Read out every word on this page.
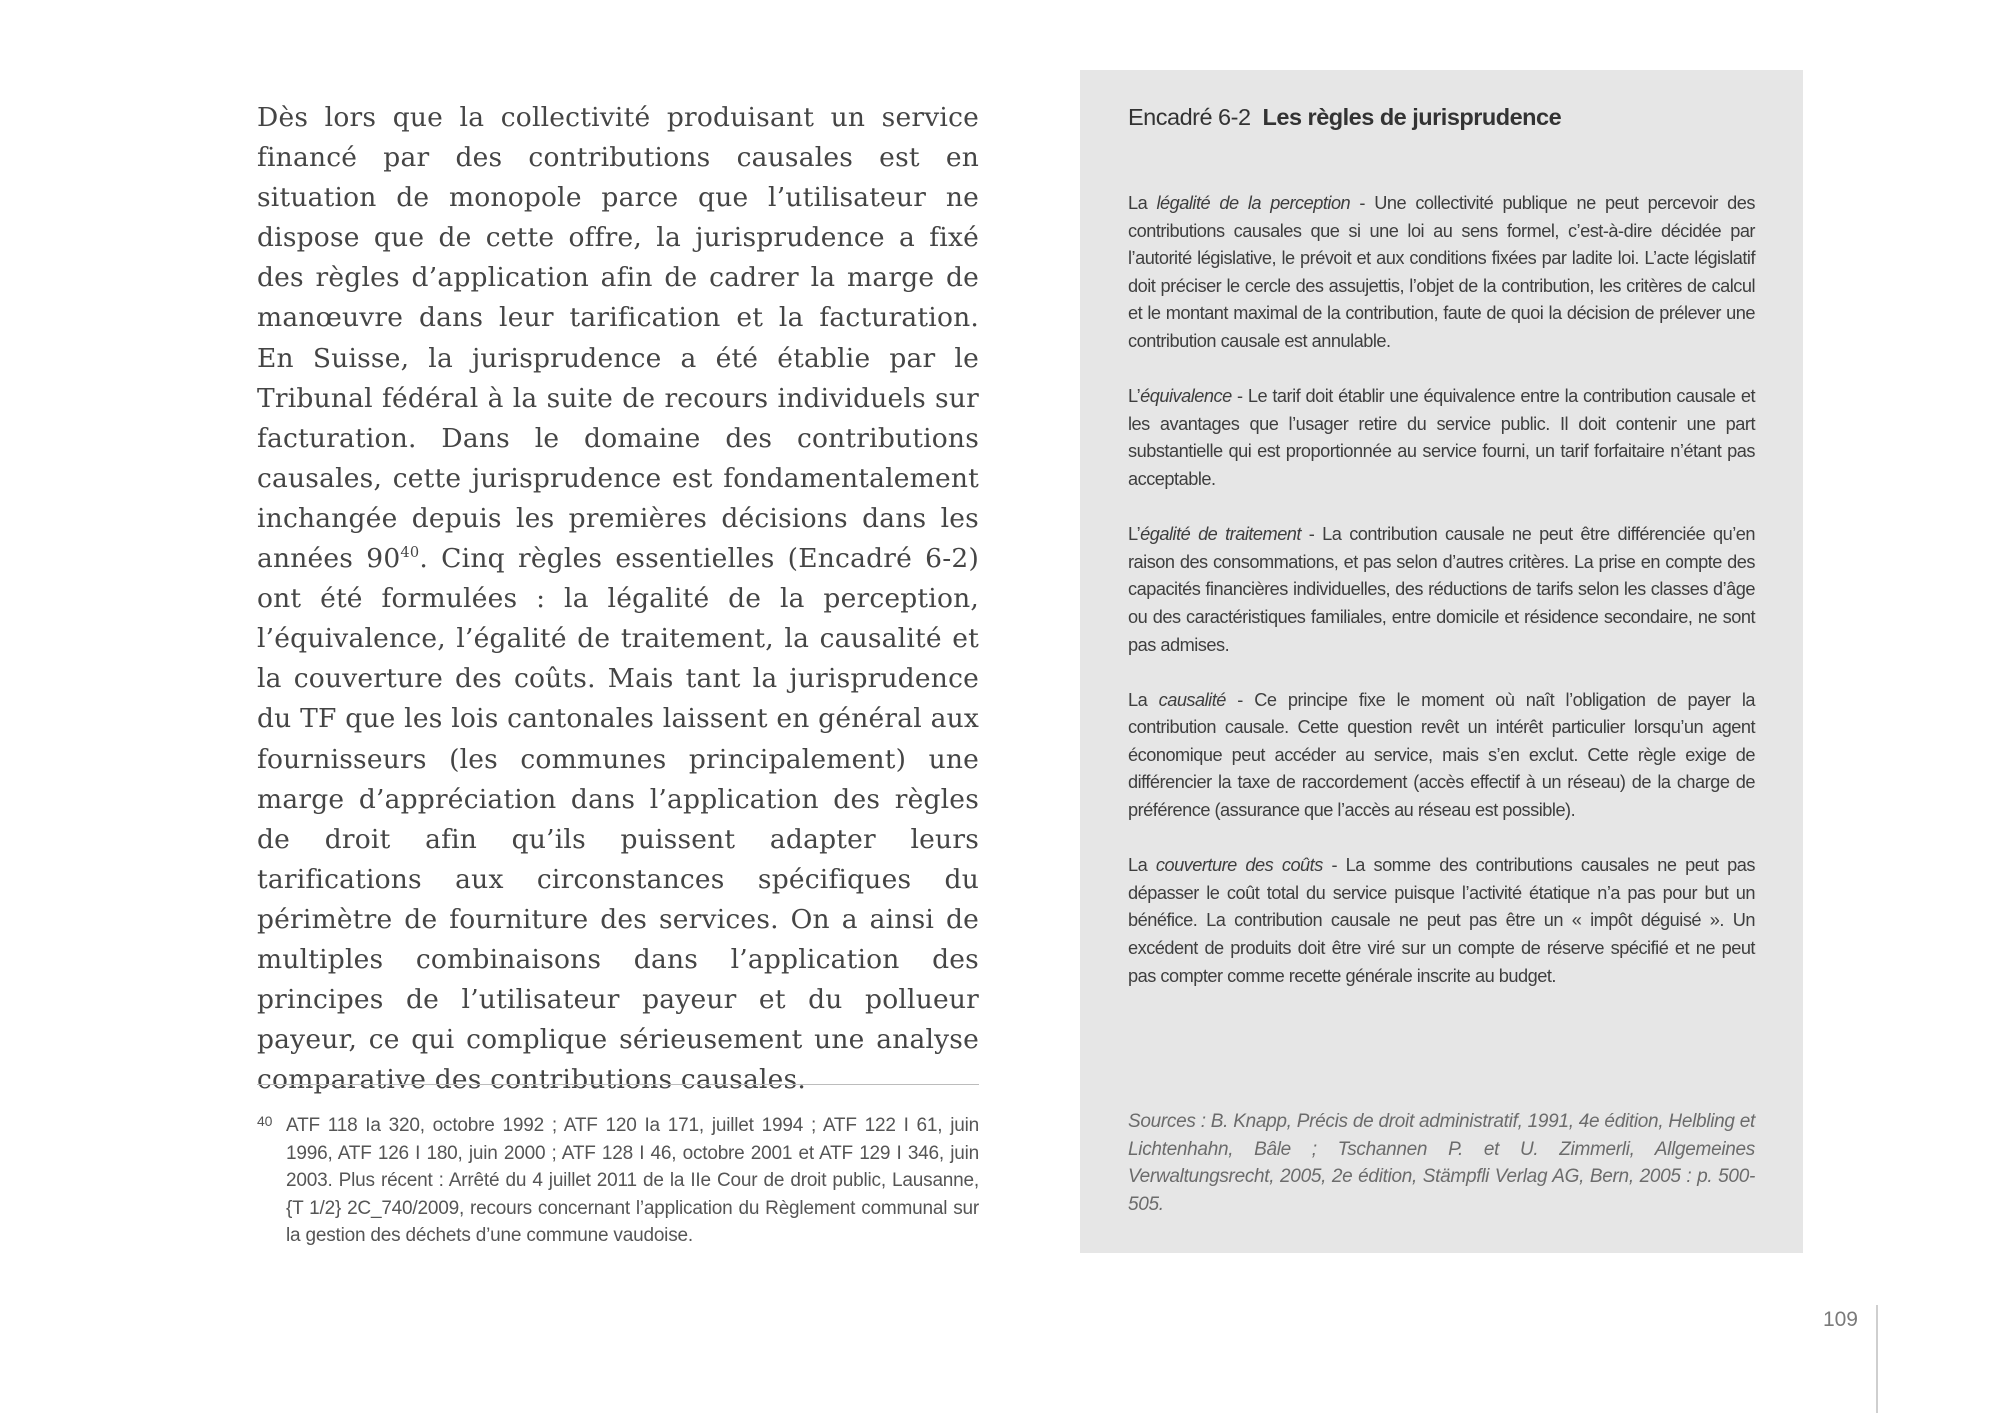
Dès lors que la collectivité produisant un service financé par des contributions causales est en situation de monopole parce que l’utilisateur ne dispose que de cette offre, la jurisprudence a fixé des règles d’application afin de cadrer la marge de manœuvre dans leur tarification et la facturation. En Suisse, la jurisprudence a été établie par le Tribunal fédéral à la suite de recours individuels sur facturation. Dans le domaine des contributions causales, cette jurisprudence est fondamentalement inchangée depuis les premières décisions dans les années $90^{40}$. Cinq règles essentielles (Encadré 6-2) ont été formulées : la légalité de la perception, l’équivalence, l’égalité de traitement, la causalité et la couverture des coûts. Mais tant la jurisprudence du TF que les lois cantonales laissent en général aux fournisseurs (les communes principalement) une marge d’appréciation dans l’application des règles de droit afin qu’ils puissent adapter leurs tarifications aux circonstances spécifiques du périmètre de fourniture des services. On a ainsi de multiples combinaisons dans l’application des principes de l’utilisateur payeur et du pollueur payeur, ce qui complique sérieusement une analyse comparative des contributions causales.

40 ATF 118 Ia 320, octobre 1992 ; ATF 120 Ia 171, juillet 1994 ; ATF 122 I 61, juin 1996, ATF 126 I 180, juin 2000 ; ATF 128 I 46, octobre 2001 et ATF 129 I 346, juin 2003. Plus récent : Arrêté du 4 juillet 2011 de la IIe Cour de droit public, Lausanne, {T 1/2} 2C_740/2009, recours concernant l’application du Règlement communal sur la gestion des déchets d’une commune vaudoise.
Encadré 6-2 Les règles de jurisprudence

La légalité de la perception - Une collectivité publique ne peut percevoir des contributions causales que si une loi au sens formel, c’est-à-dire décidée par l’autorité législative, le prévoit et aux conditions fixées par ladite loi. L’acte législatif doit préciser le cercle des assujettis, l’objet de la contribution, les critères de calcul et le montant maximal de la contribution, faute de quoi la décision de prélever une contribution causale est annulable.

L’équivalence - Le tarif doit établir une équivalence entre la contribution causale et les avantages que l’usager retire du service public. Il doit contenir une part substantielle qui est proportionnée au service fourni, un tarif forfaitaire n’étant pas acceptable.

L’égalité de traitement - La contribution causale ne peut être différenciée qu’en raison des consommations, et pas selon d’autres critères. La prise en compte des capacités financières individuelles, des réductions de tarifs selon les classes d’âge ou des caractéristiques familiales, entre domicile et résidence secondaire, ne sont pas admises.

La causalité - Ce principe fixe le moment où naît l’obligation de payer la contribution causale. Cette question revêt un intérêt particulier lorsqu’un agent économique peut accéder au service, mais s’en exclut. Cette règle exige de différencier la taxe de raccordement (accès effectif à un réseau) de la charge de préférence (assurance que l’accès au réseau est possible).

La couverture des coûts - La somme des contributions causales ne peut pas dépasser le coût total du service puisque l’activité étatique n’a pas pour but un bénéfice. La contribution causale ne peut pas être un « impôt déguisé ». Un excédent de produits doit être viré sur un compte de réserve spécifié et ne peut pas compter comme recette générale inscrite au budget.

Sources : B. Knapp, Précis de droit administratif, 1991, 4e édition, Helbling et Lichtenhahn, Bâle ; Tschannen P. et U. Zimmerli, Allgemeines Verwaltungsrecht, 2005, 2e édition, Stämpfli Verlag AG, Bern, 2005 : p. 500-505.
109
